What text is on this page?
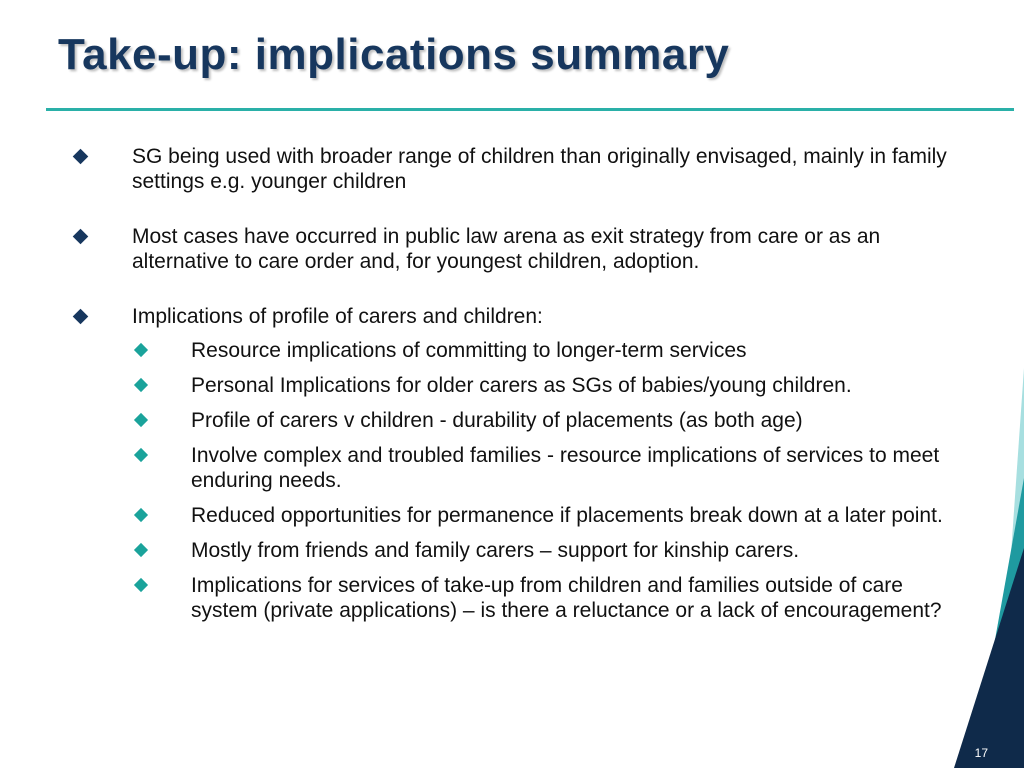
Take-up: implications summary

SG being used with broader range of children than originally envisaged, mainly in family settings e.g. younger children

Most cases have occurred in public law arena as exit strategy from care or as an alternative to care order and, for youngest children, adoption.

Implications of profile of carers and children:

Resource implications of committing to longer-term services

Personal Implications for older carers as SGs of babies/young children.

Profile of carers v children - durability of placements (as both age)

Involve complex and troubled families - resource implications of services to meet enduring needs.

Reduced opportunities for permanence if placements break down at a later point.

Mostly from friends and family carers – support for kinship carers.

Implications for services of take-up from children and families outside of care system (private applications) – is there a reluctance or a lack of encouragement?

17
